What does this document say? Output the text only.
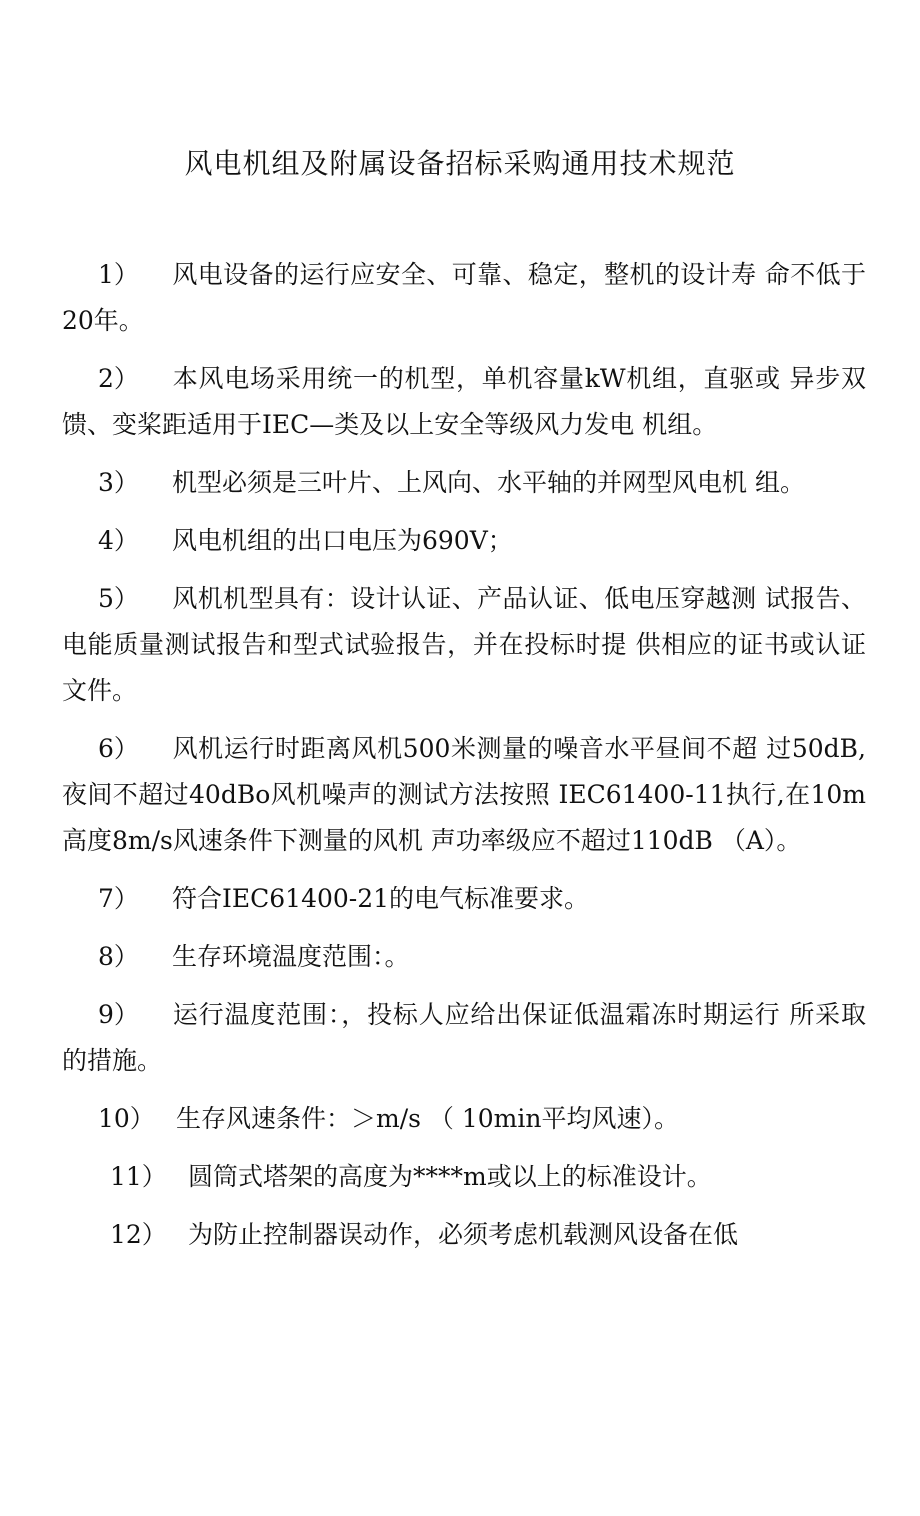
风电机组及附属设备招标采购通用技术规范

1） 风电设备的运行应安全、可靠、稳定，整机的设计寿 命不低于20年。

2） 本风电场采用统一的机型，单机容量kW机组，直驱或 异步双馈、变桨距适用于IEC—类及以上安全等级风力发电 机组。

3） 机型必须是三叶片、上风向、水平轴的并网型风电机 组。

4） 风电机组的出口电压为690V；

5） 风机机型具有：设计认证、产品认证、低电压穿越测 试报告、电能质量测试报告和型式试验报告，并在投标时提 供相应的证书或认证文件。

6） 风机运行时距离风机500米测量的噪音水平昼间不超 过50dB,夜间不超过40dBo风机噪声的测试方法按照 IEC61400-11执行,在10m高度8m/s风速条件下测量的风机 声功率级应不超过110dB （A）。

7） 符合IEC61400-21的电气标准要求。

8） 生存环境温度范围：。

9） 运行温度范围：，投标人应给出保证低温霜冻时期运行 所采取的措施。

10） 生存风速条件：＞m/s （ 10min平均风速）。

11） 圆筒式塔架的高度为****m或以上的标准设计。

12） 为防止控制器误动作，必须考虑机载测风设备在低
